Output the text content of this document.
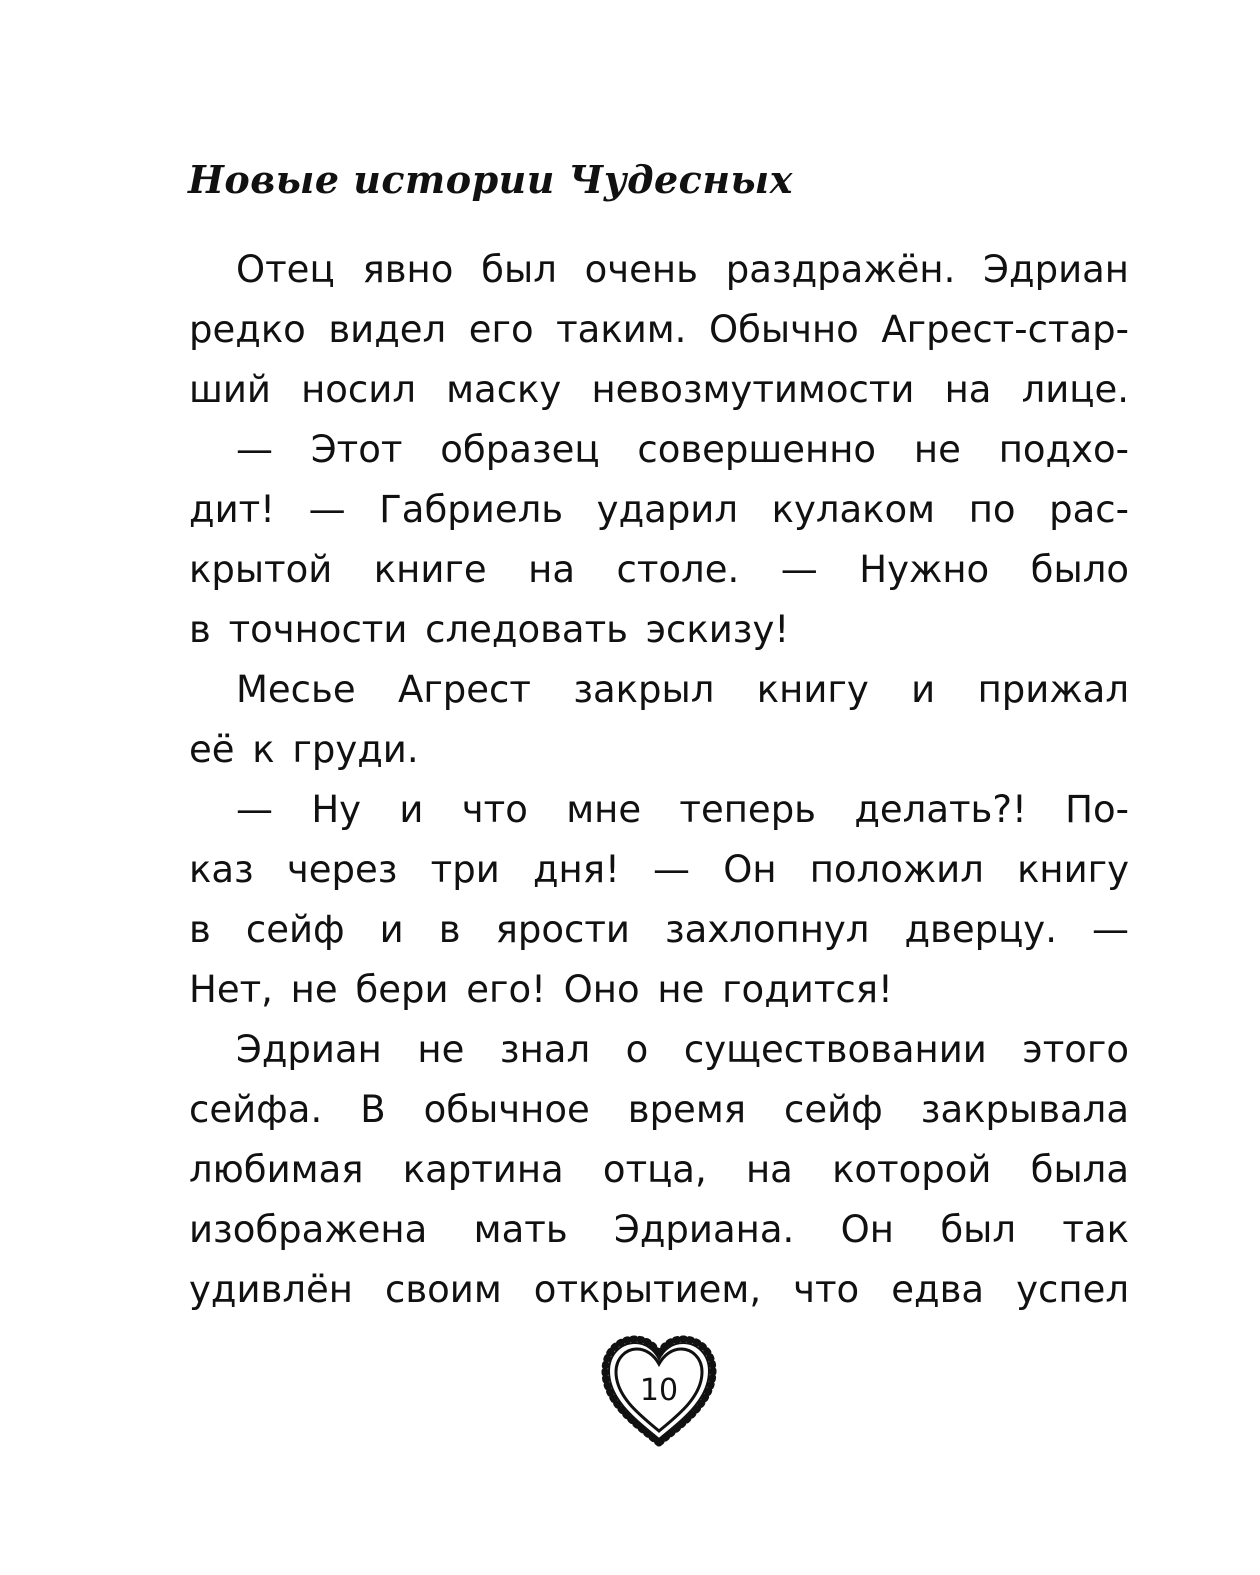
Новые истории Чудесных
Отец явно был очень раздражён. Эдриан
редко видел его таким. Обычно Агрест-стар-
ший носил маску невозмутимости на лице.
— Этот образец совершенно не подхо-
дит! — Габриель ударил кулаком по рас-
крытой книге на столе. — Нужно было
в точности следовать эскизу!
Месье Агрест закрыл книгу и прижал
её к груди.
— Ну и что мне теперь делать?! По-
каз через три дня! — Он положил книгу
в сейф и в ярости захлопнул дверцу. —
Нет, не бери его! Оно не годится!
Эдриан не знал о существовании этого
сейфа. В обычное время сейф закрывала
любимая картина отца, на которой была
изображена мать Эдриана. Он был так
удивлён своим открытием, что едва успел
10
